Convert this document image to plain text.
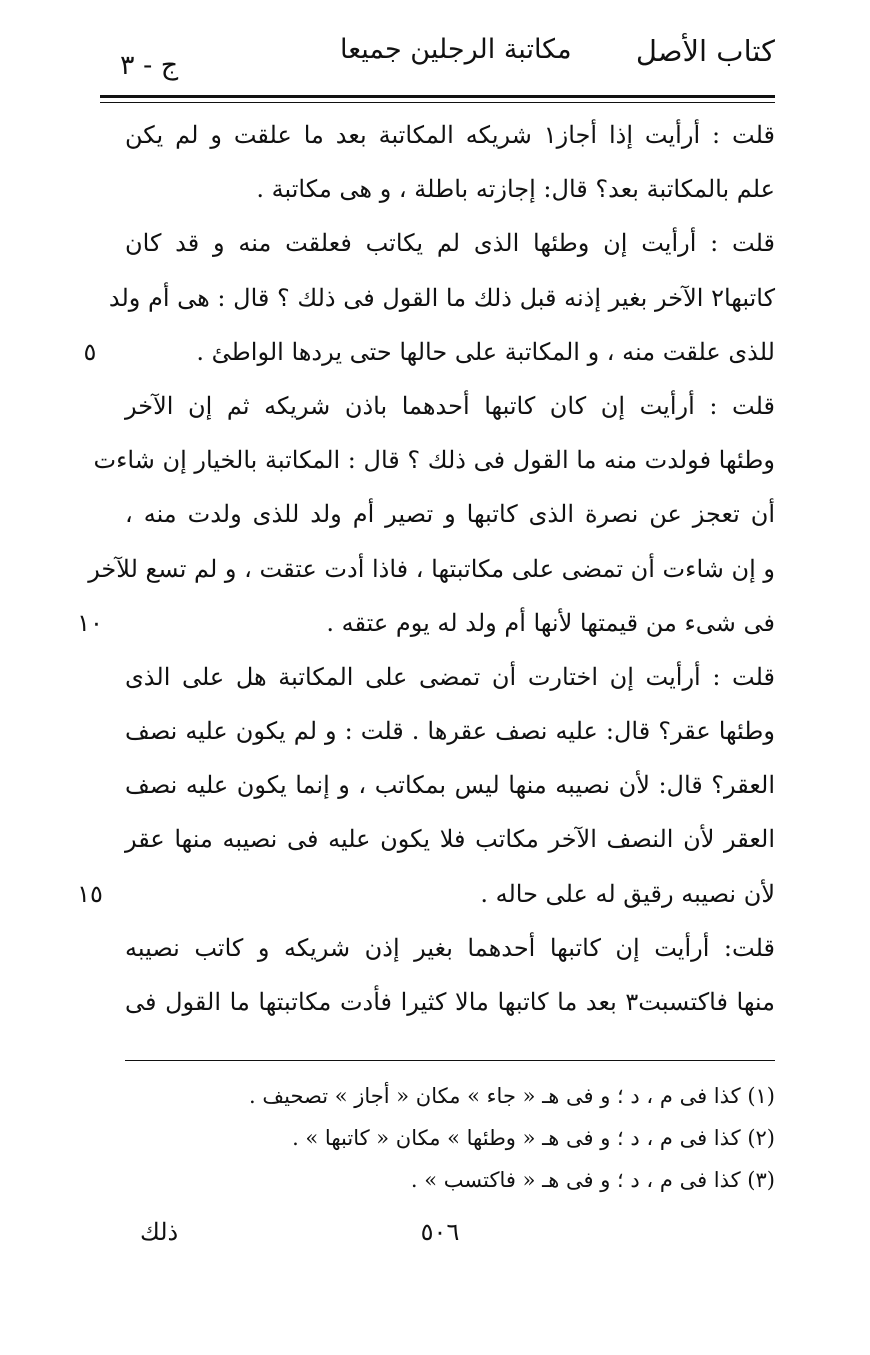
كتاب الأصل
مكاتبة الرجلين جميعا
ج - ٣
قلت : أرأيت إذا أجاز١ شريكه المكاتبة بعد ما علقت و لم يكن
علم بالمكاتبة بعد؟ قال: إجازته باطلة ، و هى مكاتبة .
قلت : أرأيت إن وطئها الذى لم يكاتب فعلقت منه و قد كان
كاتبها٢ الآخر بغير إذنه قبل ذلك ما القول فى ذلك ؟ قال : هى أم ولد
للذى علقت منه ، و المكاتبة على حالها حتى يردها الواطئ .
٥
قلت : أرأيت إن كان كاتبها أحدهما باذن شريكه ثم إن الآخر
وطئها فولدت منه ما القول فى ذلك ؟ قال : المكاتبة بالخيار إن شاءت
أن تعجز عن نصرة الذى كاتبها و تصير أم ولد للذى ولدت منه ،
و إن شاءت أن تمضى على مكاتبتها ، فاذا أدت عتقت ، و لم تسع للآخر
فى شىء من قيمتها لأنها أم ولد له يوم عتقه .
١٠
قلت : أرأيت إن اختارت أن تمضى على المكاتبة هل على الذى
وطئها عقر؟ قال: عليه نصف عقرها . قلت : و لم يكون عليه نصف
العقر؟ قال: لأن نصيبه منها ليس بمكاتب ، و إنما يكون عليه نصف
العقر لأن النصف الآخر مكاتب فلا يكون عليه فى نصيبه منها عقر
لأن نصيبه رقيق له على حاله .
١٥
قلت: أرأيت إن كاتبها أحدهما بغير إذن شريكه و كاتب نصيبه
منها فاكتسبت٣ بعد ما كاتبها مالا كثيرا فأدت مكاتبتها ما القول فى
(١) كذا فى م ، د ؛ و فى هـ « جاء » مكان « أجاز » تصحيف .
(٢) كذا فى م ، د ؛ و فى هـ « وطئها » مكان « كاتبها » .
(٣) كذا فى م ، د ؛ و فى هـ « فاكتسب » .
٥٠٦
ذلك
